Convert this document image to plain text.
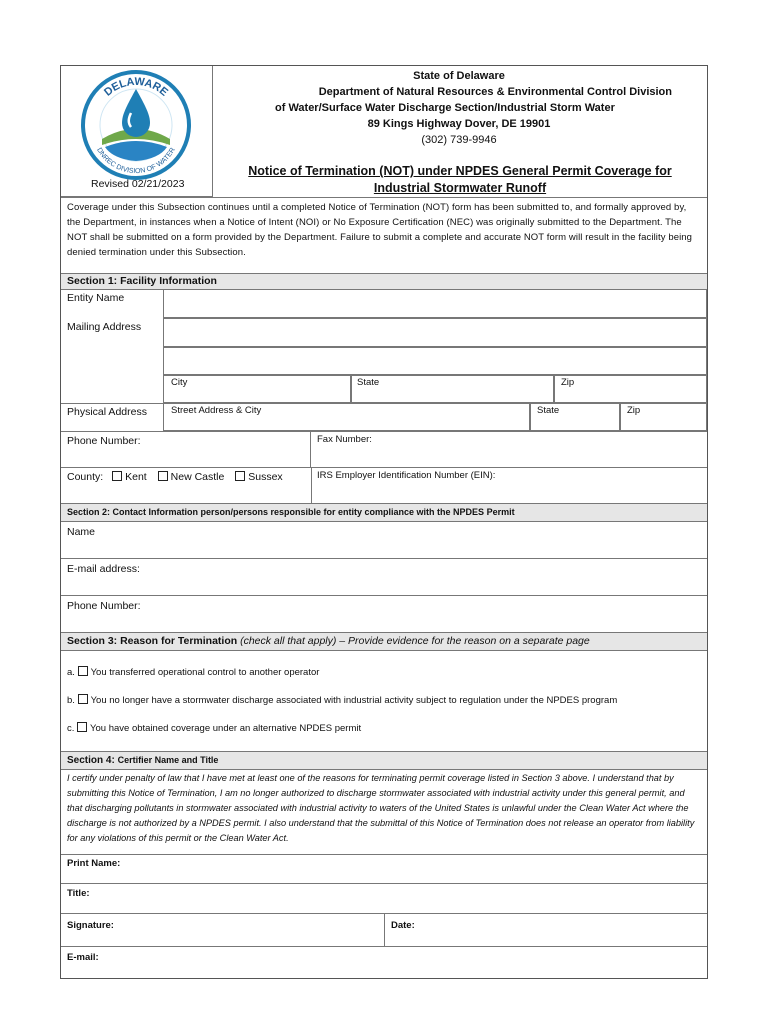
DELAWARE
DNREC DIVISION OF WATER
Revised 02/21/2023
State of Delaware
Department of Natural Resources & Environmental Control Division
of Water/Surface Water Discharge Section/Industrial Storm Water
89 Kings Highway Dover, DE 19901
(302) 739-9946
Notice of Termination (NOT) under NPDES General Permit Coverage for
Industrial Stormwater Runoff
Coverage under this Subsection continues until a completed Notice of Termination (NOT) form has been submitted to, and formally approved by, the Department, in instances when a Notice of Intent (NOI) or No Exposure Certification (NEC) was originally submitted to the Department. The NOT shall be submitted on a form provided by the Department. Failure to submit a complete and accurate NOT form will result in the facility being denied termination under this Subsection.
Section 1: Facility Information
Entity Name
Mailing Address
City	State	Zip
Physical Address	Street Address & City	State	Zip
Phone Number:	Fax Number:
County: Kent New Castle Sussex	IRS Employer Identification Number (EIN):
Section 2: Contact Information person/persons responsible for entity compliance with the NPDES Permit
Name
E-mail address:
Phone Number:
Section 3: Reason for Termination (check all that apply) – Provide evidence for the reason on a separate page
a. You transferred operational control to another operator
b. You no longer have a stormwater discharge associated with industrial activity subject to regulation under the NPDES program
c. You have obtained coverage under an alternative NPDES permit
Section 4: Certifier Name and Title
I certify under penalty of law that I have met at least one of the reasons for terminating permit coverage listed in Section 3 above. I understand that by submitting this Notice of Termination, I am no longer authorized to discharge stormwater associated with industrial activity under this general permit, and that discharging pollutants in stormwater associated with industrial activity to waters of the United States is unlawful under the Clean Water Act where the discharge is not authorized by a NPDES permit. I also understand that the submittal of this Notice of Termination does not release an operator from liability for any violations of this permit or the Clean Water Act.
Print Name:
Title:
Signature:	Date:
E-mail:
